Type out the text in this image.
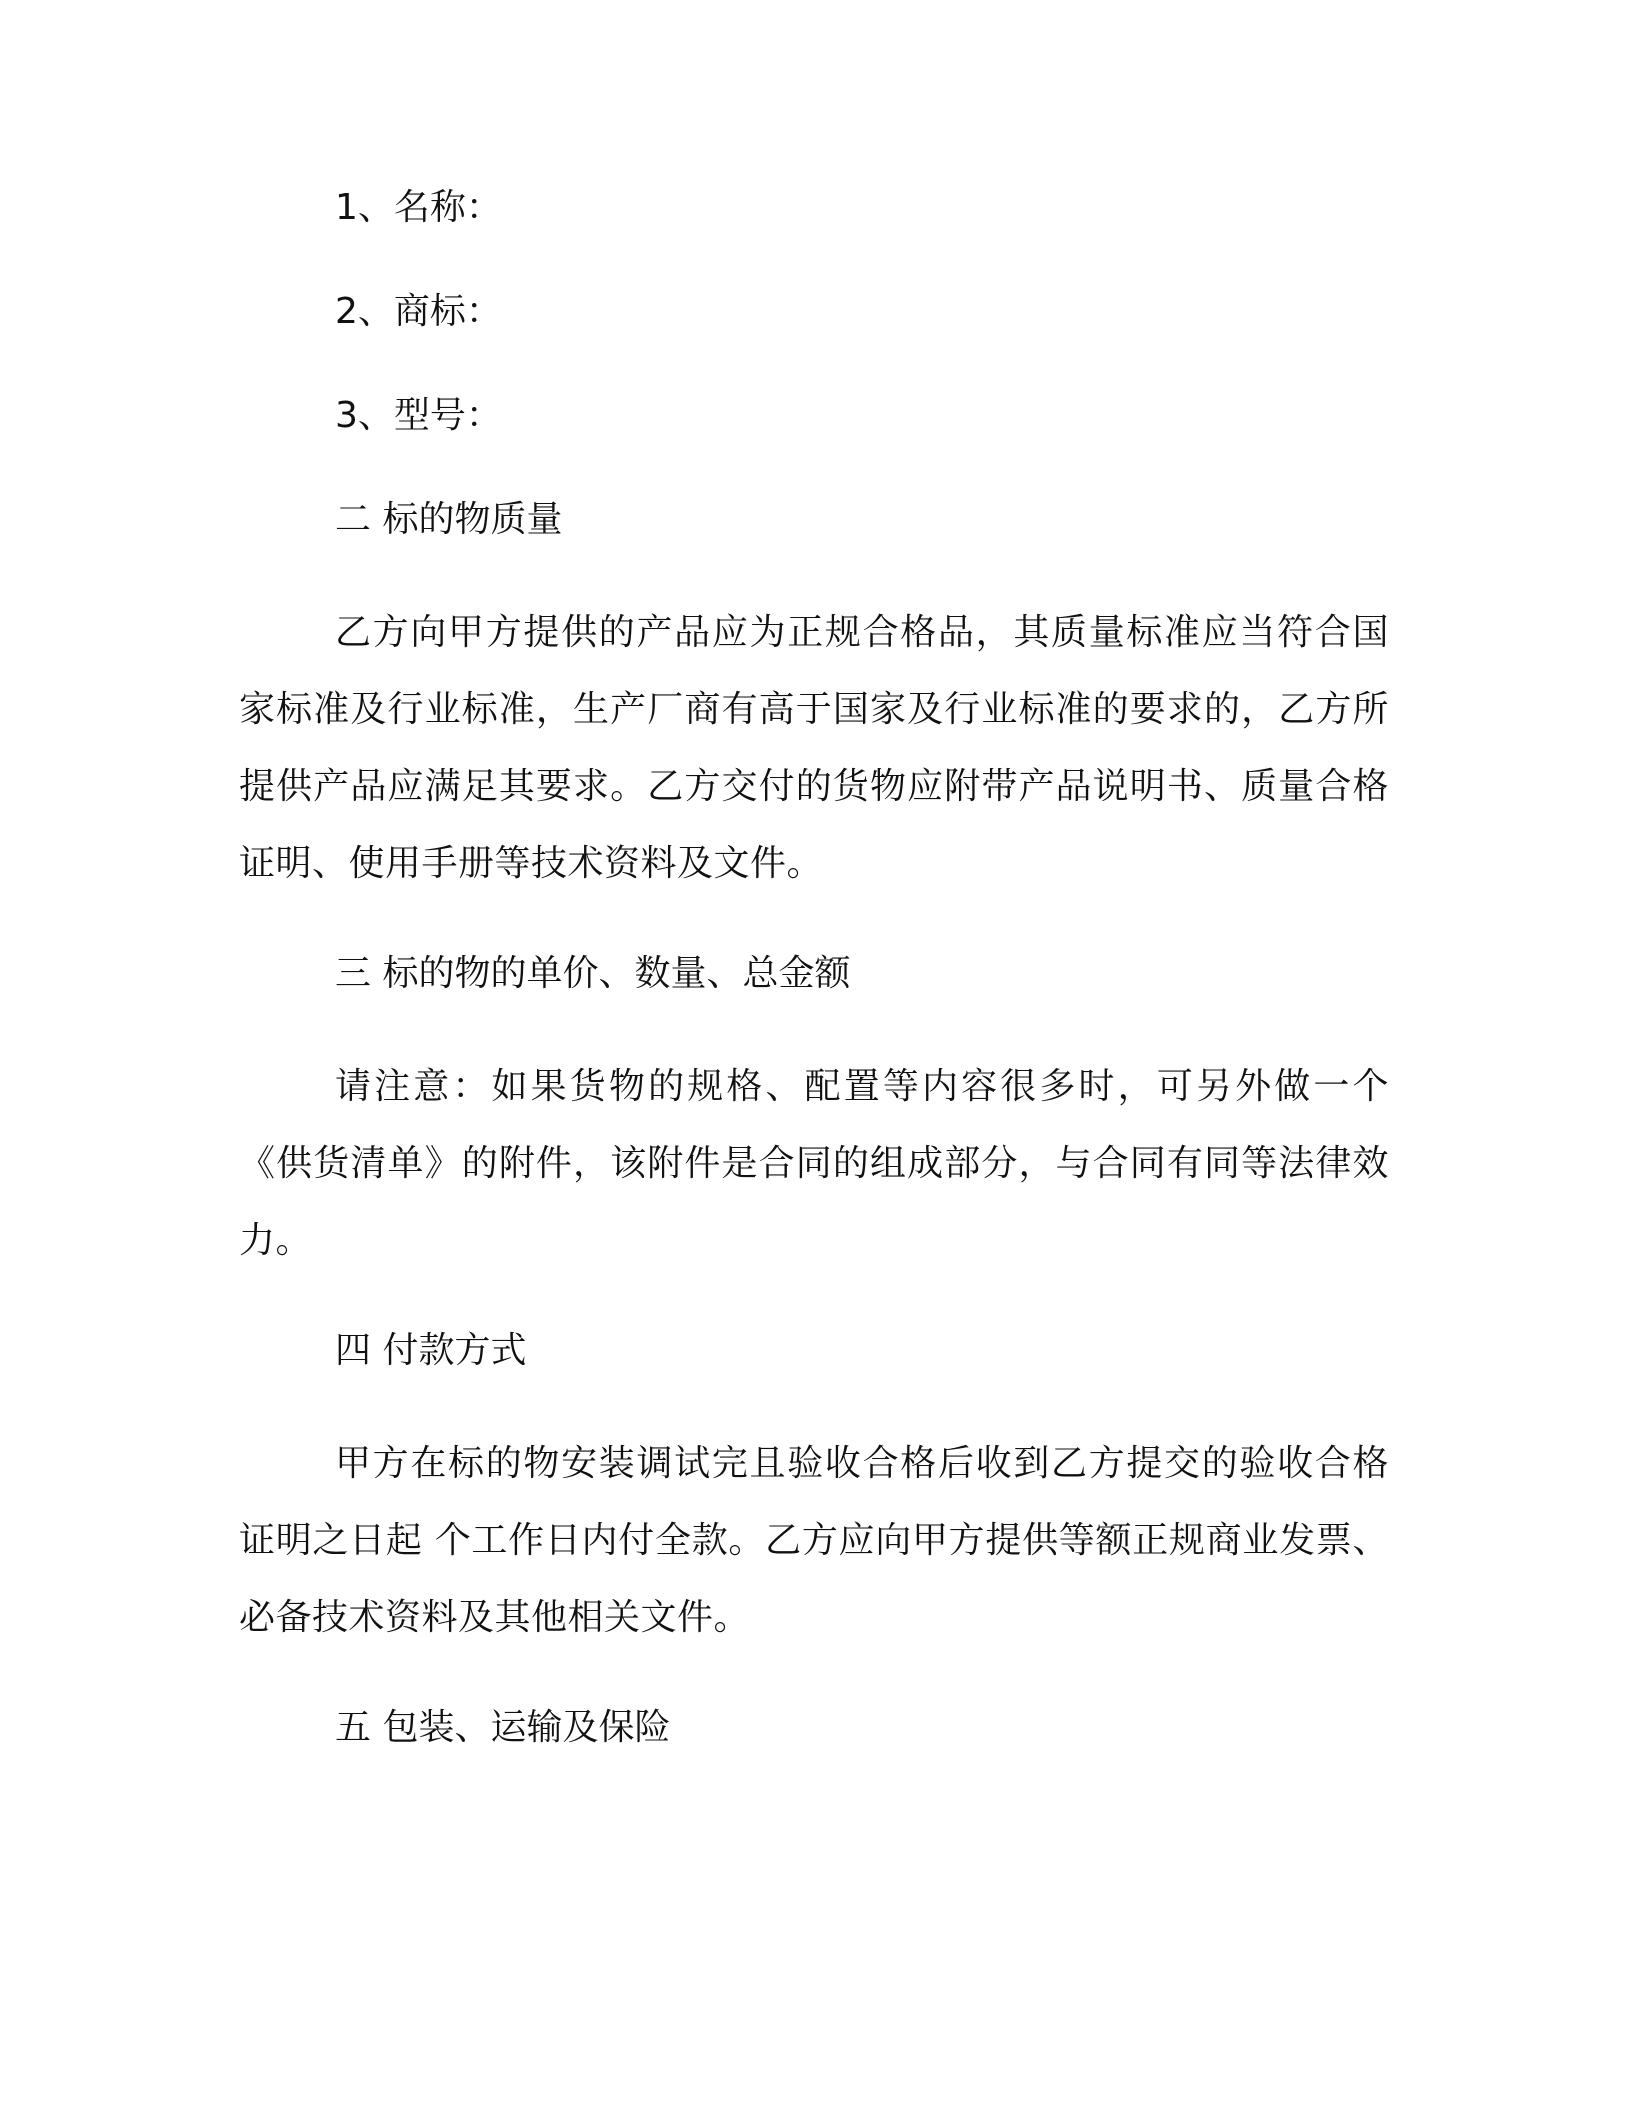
1、名称：
2、商标：
3、型号：
二 标的物质量

乙方向甲方提供的产品应为正规合格品，其质量标准应当符合国家标准及行业标准，生产厂商有高于国家及行业标准的要求的，乙方所提供产品应满足其要求。乙方交付的货物应附带产品说明书、质量合格证明、使用手册等技术资料及文件。

三 标的物的单价、数量、总金额

请注意：如果货物的规格、配置等内容很多时，可另外做一个《供货清单》的附件，该附件是合同的组成部分，与合同有同等法律效力。

四 付款方式

甲方在标的物安装调试完且验收合格后收到乙方提交的验收合格证明之日起 个工作日内付全款。乙方应向甲方提供等额正规商业发票、必备技术资料及其他相关文件。

五 包装、运输及保险
